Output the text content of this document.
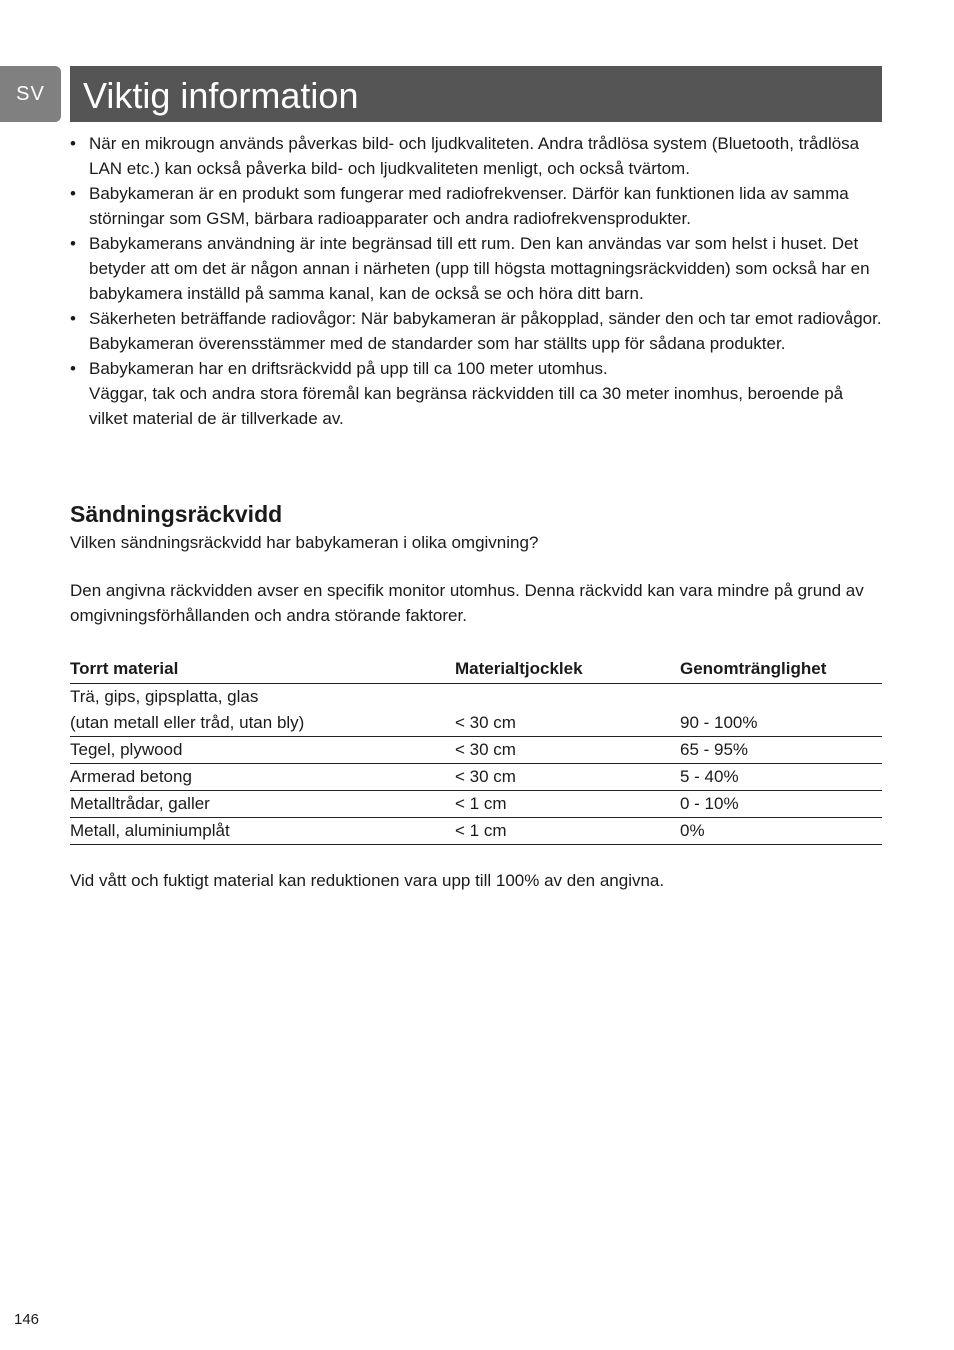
SV	Viktig information
• När en mikrougn används påverkas bild- och ljudkvaliteten. Andra trådlösa system (Bluetooth, trådlösa LAN etc.) kan också påverka bild- och ljudkvaliteten menligt, och också tvärtom.
• Babykameran är en produkt som fungerar med radiofrekvenser. Därför kan funktionen lida av samma störningar som GSM, bärbara radioapparater och andra radiofrekvensprodukter.
• Babykamerans användning är inte begränsad till ett rum. Den kan användas var som helst i huset. Det betyder att om det är någon annan i närheten (upp till högsta mottagningsräckvidden) som också har en babykamera inställd på samma kanal, kan de också se och höra ditt barn.
• Säkerheten beträffande radiovågor: När babykameran är påkopplad, sänder den och tar emot radiovågor. Babykameran överensstämmer med de standarder som har ställts upp för sådana produkter.
• Babykameran har en driftsräckvidd på upp till ca 100 meter utomhus.
Väggar, tak och andra stora föremål kan begränsa räckvidden till ca 30 meter inomhus, beroende på vilket material de är tillverkade av.
Sändningsräckvidd

Vilken sändningsräckvidd har babykameran i olika omgivning?

Den angivna räckvidden avser en specifik monitor utomhus. Denna räckvidd kan vara mindre på grund av omgivningsförhållanden och andra störande faktorer.

Torrt material	Materialtjocklek	Genomtränglighet
Trä, gips, gipsplatta, glas		
(utan metall eller tråd, utan bly)	< 30 cm	90 - 100%
Tegel, plywood	< 30 cm	65 - 95%
Armerad betong	< 30 cm	5 - 40%
Metalltrådar, galler	< 1 cm	0 - 10%
Metall, aluminiumplåt	< 1 cm	0%

Vid vått och fuktigt material kan reduktionen vara upp till 100% av den angivna.

146
